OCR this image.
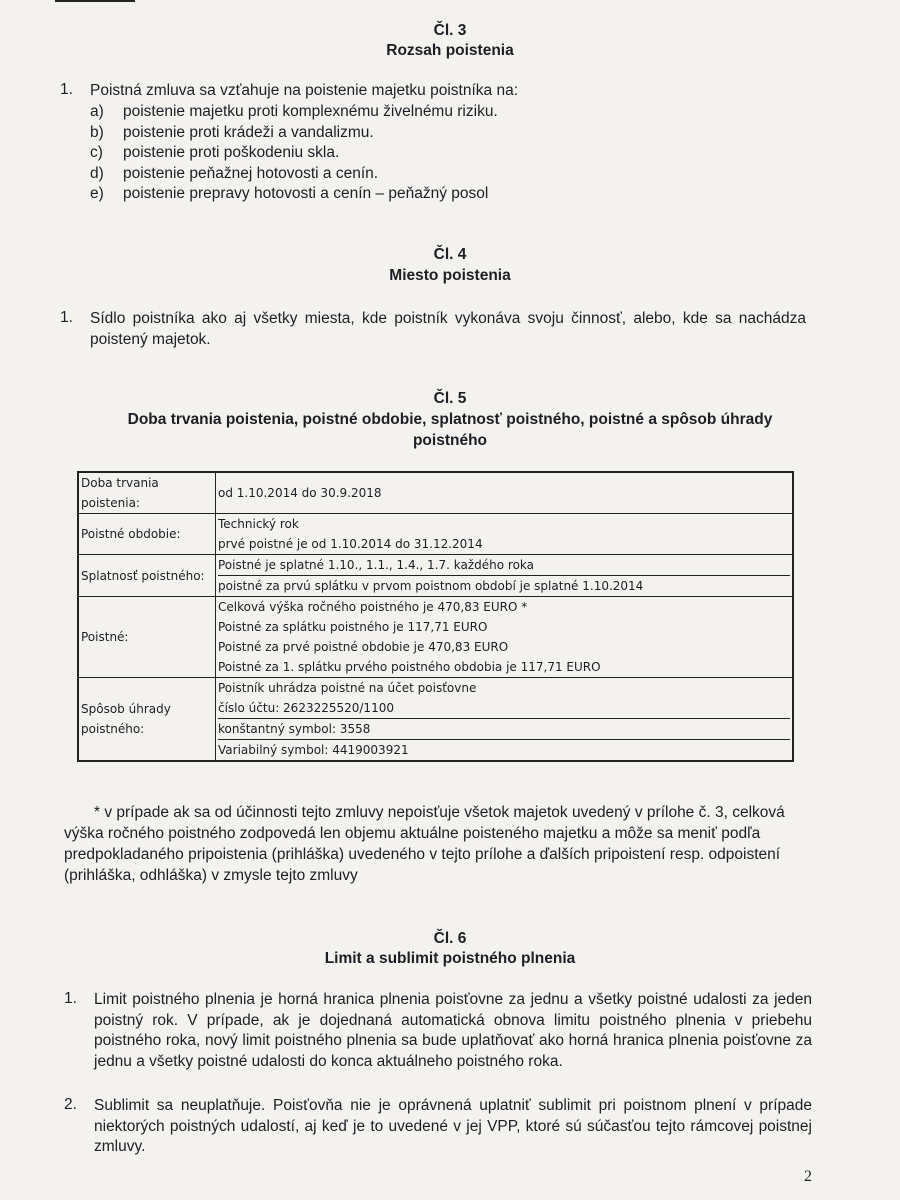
Čl. 3
Rozsah poistenia
1. Poistná zmluva sa vzťahuje na poistenie majetku poistníka na:
a)	poistenie majetku proti komplexnému živelnému riziku.
b)	poistenie proti krádeži a vandalizmu.
c)	poistenie proti poškodeniu skla.
d)	poistenie peňažnej hotovosti a cenín.
e)	poistenie prepravy hotovosti a cenín – peňažný posol
Čl. 4
Miesto poistenia
1. Sídlo poistníka ako aj všetky miesta, kde poistník vykonáva svoju činnosť, alebo, kde sa nachádza poistený majetok.
Čl. 5
Doba trvania poistenia, poistné obdobie, splatnosť poistného, poistné a spôsob úhrady
poistného
Doba trvania poistenia:	od 1.10.2014 do 30.9.2018

Poistné obdobie:	Technický rok
prvé poistné je od 1.10.2014 do 31.12.2014

Splatnosť poistného:	Poistné je splatné 1.10., 1.1., 1.4., 1.7. každého roka
poistné za prvú splátku v prvom poistnom období je splatné 1.10.2014

Poistné:	Celková výška ročného poistného je 470,83 EURO *
Poistné za splátku poistného je 117,71 EURO
Poistné za prvé poistné obdobie je 470,83 EURO
Poistné za 1. splátku prvého poistného obdobia je 117,71 EURO

Spôsob úhrady poistného:	Poistník uhrádza poistné na účet poisťovne
číslo účtu: 2623225520/1100
konštantný symbol: 3558
Variabilný symbol: 4419003921
* v prípade ak sa od účinnosti tejto zmluvy nepoisťuje všetok majetok uvedený v prílohe č. 3, celková výška ročného poistného zodpovedá len objemu aktuálne poisteného majetku a môže sa meniť podľa predpokladaného pripoistenia (prihláška) uvedeného v tejto prílohe a ďalších pripoistení resp. odpoistení (prihláška, odhláška) v zmysle tejto zmluvy
Čl. 6
Limit a sublimit poistného plnenia
1. Limit poistného plnenia je horná hranica plnenia poisťovne za jednu a všetky poistné udalosti za jeden poistný rok. V prípade, ak je dojednaná automatická obnova limitu poistného plnenia v priebehu poistného roka, nový limit poistného plnenia sa bude uplatňovať ako horná hranica plnenia poisťovne za jednu a všetky poistné udalosti do konca aktuálneho poistného roka.
2. Sublimit sa neuplatňuje. Poisťovňa nie je oprávnená uplatniť sublimit pri poistnom plnení v prípade niektorých poistných udalostí, aj keď je to uvedené v jej VPP, ktoré sú súčasťou tejto rámcovej poistnej zmluvy.
2
